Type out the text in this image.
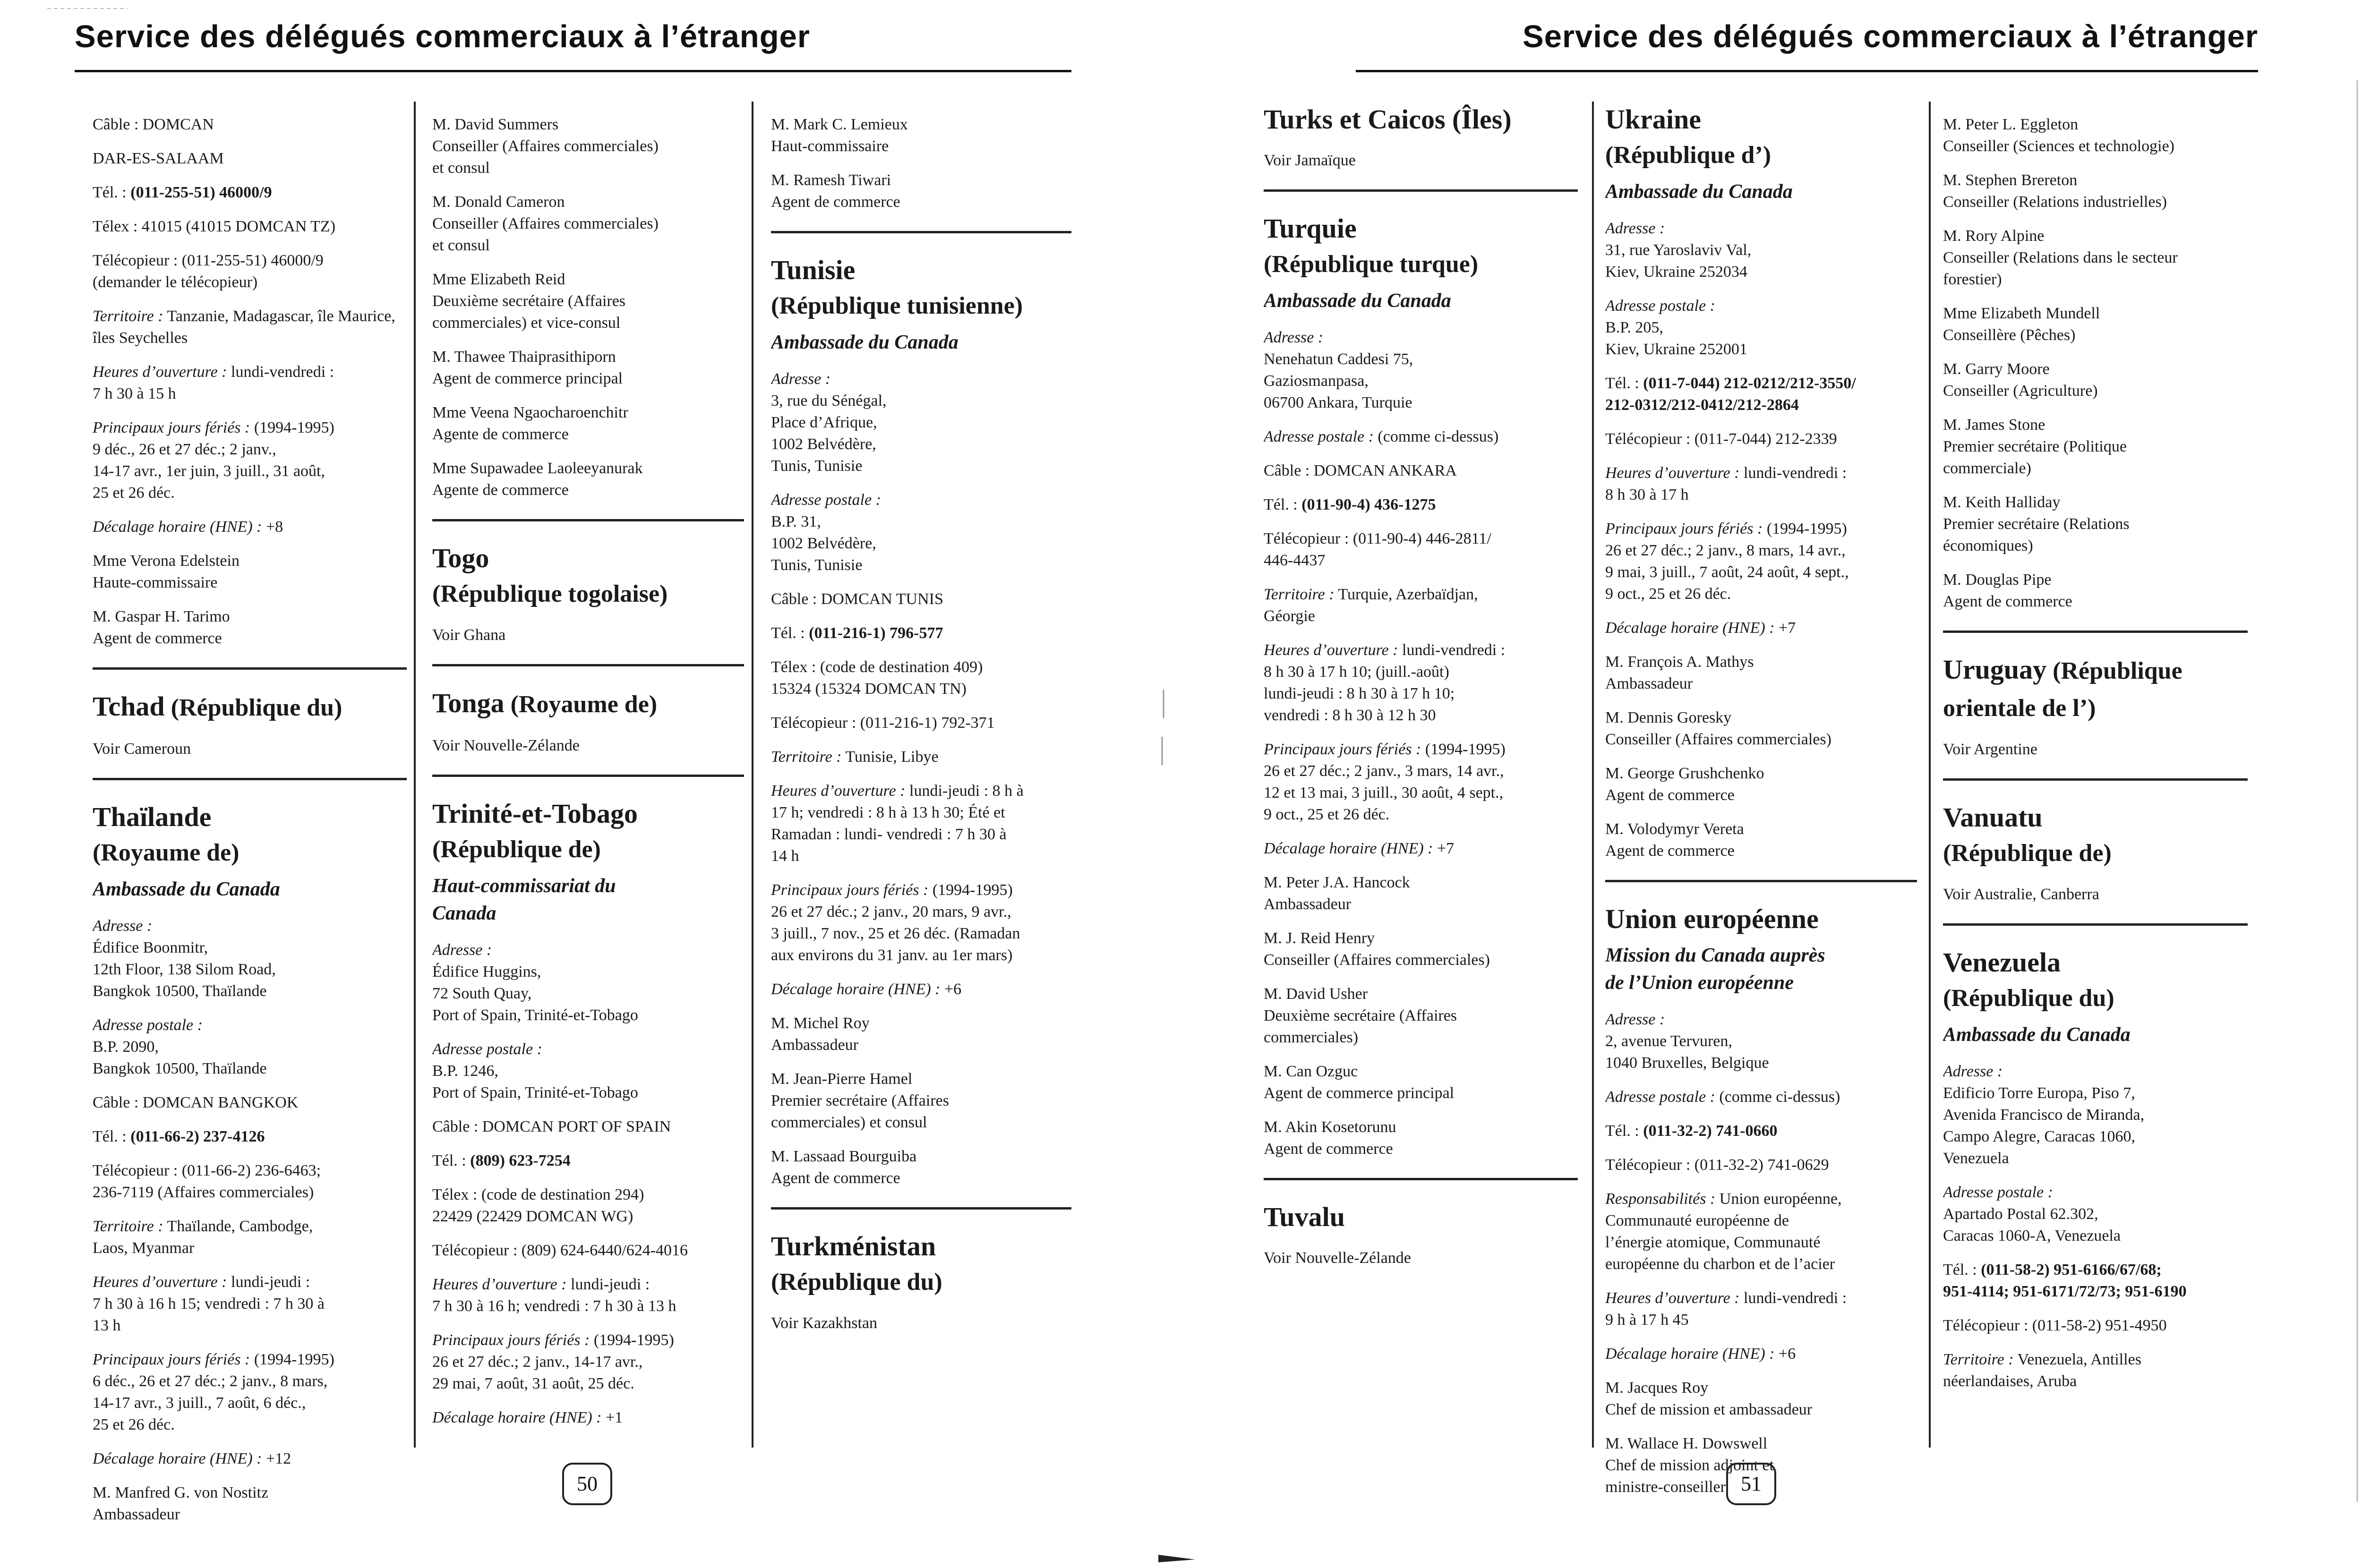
Service des délégués commerciaux à l’étranger	Service des délégués commerciaux à l’étranger
Câble : DOMCAN
DAR-ES-SALAAM
Tél. : (011-255-51) 46000/9
Télex : 41015 (41015 DOMCAN TZ)
Télécopieur : (011-255-51) 46000/9
(demander le télécopieur)
Territoire : Tanzanie, Madagascar, île Maurice, îles Seychelles
Heures d’ouverture : lundi-vendredi :
7 h 30 à 15 h
Principaux jours fériés : (1994-1995)
9 déc., 26 et 27 déc.; 2 janv.,
14-17 avr., 1er juin, 3 juill., 31 août,
25 et 26 déc.
Décalage horaire (HNE) : +8
Mme Verona Edelstein
Haute-commissaire
M. Gaspar H. Tarimo
Agent de commerce
Tchad (République du)
Voir Cameroun
Thaïlande
(Royaume de)
Ambassade du Canada
Adresse :
Édifice Boonmitr,
12th Floor, 138 Silom Road,
Bangkok 10500, Thaïlande
Adresse postale :
B.P. 2090,
Bangkok 10500, Thaïlande
Câble : DOMCAN BANGKOK
Tél. : (011-66-2) 237-4126
Télécopieur : (011-66-2) 236-6463;
236-7119 (Affaires commerciales)
Territoire : Thaïlande, Cambodge,
Laos, Myanmar
Heures d’ouverture : lundi-jeudi :
7 h 30 à 16 h 15; vendredi : 7 h 30 à
13 h
Principaux jours fériés : (1994-1995)
6 déc., 26 et 27 déc.; 2 janv., 8 mars,
14-17 avr., 3 juill., 7 août, 6 déc.,
25 et 26 déc.
Décalage horaire (HNE) : +12
M. Manfred G. von Nostitz
Ambassadeur
M. David Summers
Conseiller (Affaires commerciales)
et consul
M. Donald Cameron
Conseiller (Affaires commerciales)
et consul
Mme Elizabeth Reid
Deuxième secrétaire (Affaires
commerciales) et vice-consul
M. Thawee Thaiprasithiporn
Agent de commerce principal
Mme Veena Ngaocharoenchitr
Agente de commerce
Mme Supawadee Laoleeyanurak
Agente de commerce
Togo
(République togolaise)
Voir Ghana
Tonga (Royaume de)
Voir Nouvelle-Zélande
Trinité-et-Tobago
(République de)
Haut-commissariat du
Canada
Adresse :
Édifice Huggins,
72 South Quay,
Port of Spain, Trinité-et-Tobago
Adresse postale :
B.P. 1246,
Port of Spain, Trinité-et-Tobago
Câble : DOMCAN PORT OF SPAIN
Tél. : (809) 623-7254
Télex : (code de destination 294)
22429 (22429 DOMCAN WG)
Télécopieur : (809) 624-6440/624-4016
Heures d’ouverture : lundi-jeudi :
7 h 30 à 16 h; vendredi : 7 h 30 à 13 h
Principaux jours fériés : (1994-1995)
26 et 27 déc.; 2 janv., 14-17 avr.,
29 mai, 7 août, 31 août, 25 déc.
Décalage horaire (HNE) : +1
M. Mark C. Lemieux
Haut-commissaire
M. Ramesh Tiwari
Agent de commerce
Tunisie
(République tunisienne)
Ambassade du Canada
Adresse :
3, rue du Sénégal,
Place d’Afrique,
1002 Belvédère,
Tunis, Tunisie
Adresse postale :
B.P. 31,
1002 Belvédère,
Tunis, Tunisie
Câble : DOMCAN TUNIS
Tél. : (011-216-1) 796-577
Télex : (code de destination 409)
15324 (15324 DOMCAN TN)
Télécopieur : (011-216-1) 792-371
Territoire : Tunisie, Libye
Heures d’ouverture : lundi-jeudi : 8 h à
17 h; vendredi : 8 h à 13 h 30; Été et
Ramadan : lundi- vendredi : 7 h 30 à
14 h
Principaux jours fériés : (1994-1995)
26 et 27 déc.; 2 janv., 20 mars, 9 avr.,
3 juill., 7 nov., 25 et 26 déc. (Ramadan
aux environs du 31 janv. au 1er mars)
Décalage horaire (HNE) : +6
M. Michel Roy
Ambassadeur
M. Jean-Pierre Hamel
Premier secrétaire (Affaires
commerciales) et consul
M. Lassaad Bourguiba
Agent de commerce
Turkménistan
(République du)
Voir Kazakhstan
Turks et Caicos (Îles)
Voir Jamaïque
Turquie
(République turque)
Ambassade du Canada
Adresse :
Nenehatun Caddesi 75,
Gaziosmanpasa,
06700 Ankara, Turquie
Adresse postale : (comme ci-dessus)
Câble : DOMCAN ANKARA
Tél. : (011-90-4) 436-1275
Télécopieur : (011-90-4) 446-2811/
446-4437
Territoire : Turquie, Azerbaïdjan,
Géorgie
Heures d’ouverture : lundi-vendredi :
8 h 30 à 17 h 10; (juill.-août)
lundi-jeudi : 8 h 30 à 17 h 10;
vendredi : 8 h 30 à 12 h 30
Principaux jours fériés : (1994-1995)
26 et 27 déc.; 2 janv., 3 mars, 14 avr.,
12 et 13 mai, 3 juill., 30 août, 4 sept.,
9 oct., 25 et 26 déc.
Décalage horaire (HNE) : +7
M. Peter J.A. Hancock
Ambassadeur
M. J. Reid Henry
Conseiller (Affaires commerciales)
M. David Usher
Deuxième secrétaire (Affaires
commerciales)
M. Can Ozguc
Agent de commerce principal
M. Akin Kosetorunu
Agent de commerce
Tuvalu
Voir Nouvelle-Zélande
Ukraine
(République d’)
Ambassade du Canada
Adresse :
31, rue Yaroslaviv Val,
Kiev, Ukraine 252034
Adresse postale :
B.P. 205,
Kiev, Ukraine 252001
Tél. : (011-7-044) 212-0212/212-3550/
212-0312/212-0412/212-2864
Télécopieur : (011-7-044) 212-2339
Heures d’ouverture : lundi-vendredi :
8 h 30 à 17 h
Principaux jours fériés : (1994-1995)
26 et 27 déc.; 2 janv., 8 mars, 14 avr.,
9 mai, 3 juill., 7 août, 24 août, 4 sept.,
9 oct., 25 et 26 déc.
Décalage horaire (HNE) : +7
M. François A. Mathys
Ambassadeur
M. Dennis Goresky
Conseiller (Affaires commerciales)
M. George Grushchenko
Agent de commerce
M. Volodymyr Vereta
Agent de commerce
Union européenne
Mission du Canada auprès
de l’Union européenne
Adresse :
2, avenue Tervuren,
1040 Bruxelles, Belgique
Adresse postale : (comme ci-dessus)
Tél. : (011-32-2) 741-0660
Télécopieur : (011-32-2) 741-0629
Responsabilités : Union européenne,
Communauté européenne de
l’énergie atomique, Communauté
européenne du charbon et de l’acier
Heures d’ouverture : lundi-vendredi :
9 h à 17 h 45
Décalage horaire (HNE) : +6
M. Jacques Roy
Chef de mission et ambassadeur
M. Wallace H. Dowswell
Chef de mission adjoint et
ministre-conseiller
M. Peter L. Eggleton
Conseiller (Sciences et technologie)
M. Stephen Brereton
Conseiller (Relations industrielles)
M. Rory Alpine
Conseiller (Relations dans le secteur
forestier)
Mme Elizabeth Mundell
Conseillère (Pêches)
M. Garry Moore
Conseiller (Agriculture)
M. James Stone
Premier secrétaire (Politique
commerciale)
M. Keith Halliday
Premier secrétaire (Relations
économiques)
M. Douglas Pipe
Agent de commerce
Uruguay (République
orientale de l’)
Voir Argentine
Vanuatu
(République de)
Voir Australie, Canberra
Venezuela
(République du)
Ambassade du Canada
Adresse :
Edificio Torre Europa, Piso 7,
Avenida Francisco de Miranda,
Campo Alegre, Caracas 1060,
Venezuela
Adresse postale :
Apartado Postal 62.302,
Caracas 1060-A, Venezuela
Tél. : (011-58-2) 951-6166/67/68;
951-4114; 951-6171/72/73; 951-6190
Télécopieur : (011-58-2) 951-4950
Territoire : Venezuela, Antilles
néerlandaises, Aruba
50	51
